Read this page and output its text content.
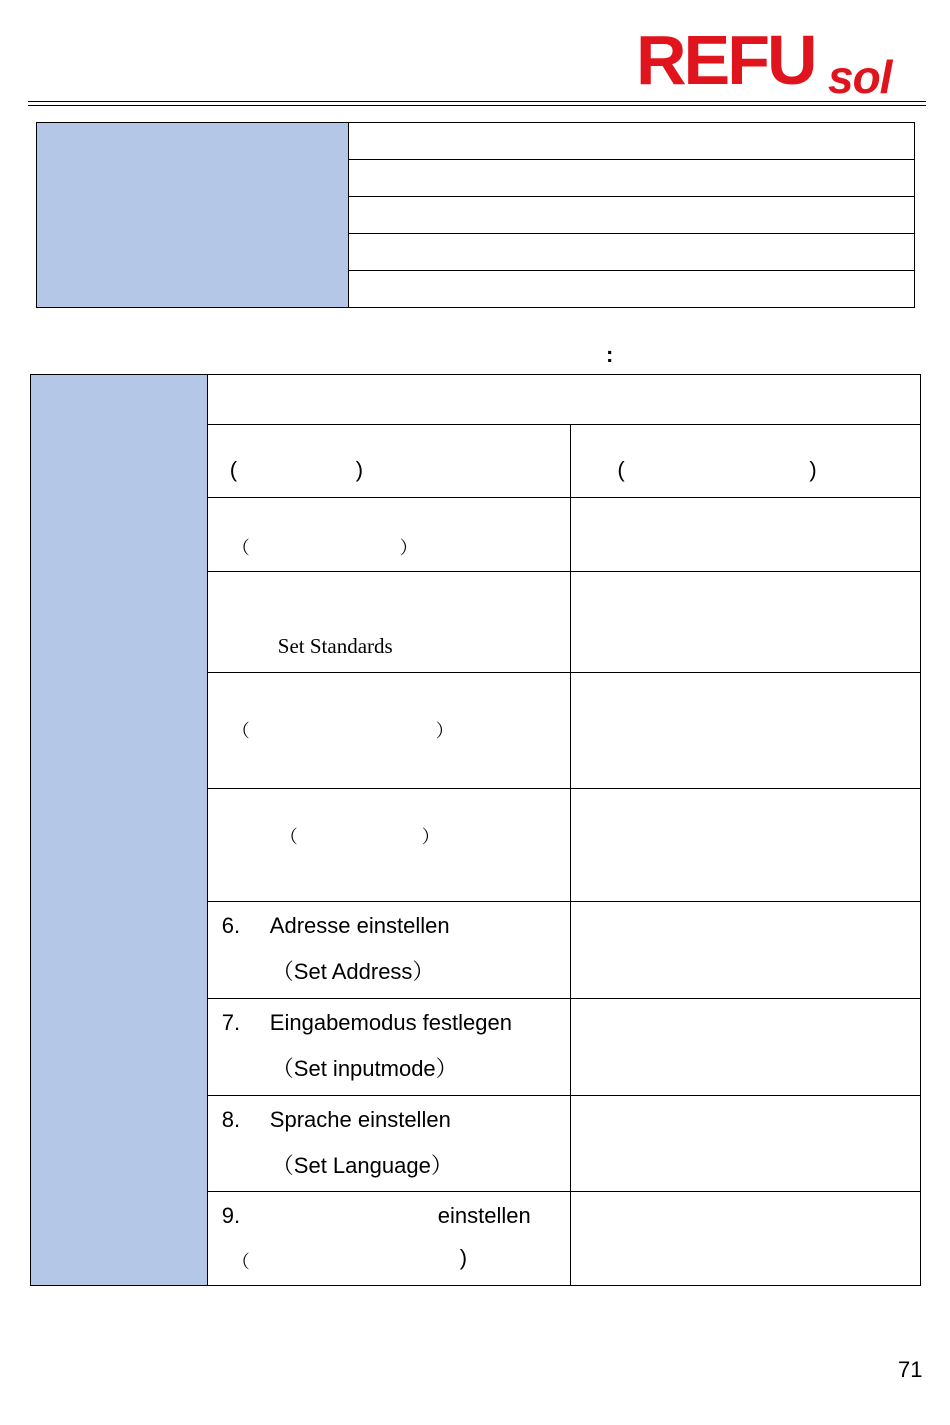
REFU sol

:

	( )	( )

	（ ）	

	Set Standards	

	（ ）	

	（ ）	

	6. Adresse einstellen
（Set Address）	

	7. Eingabemodus festlegen
（Set inputmode）	

	8. Sprache einstellen
（Set Language）	

	9. einstellen
（ )	

71
